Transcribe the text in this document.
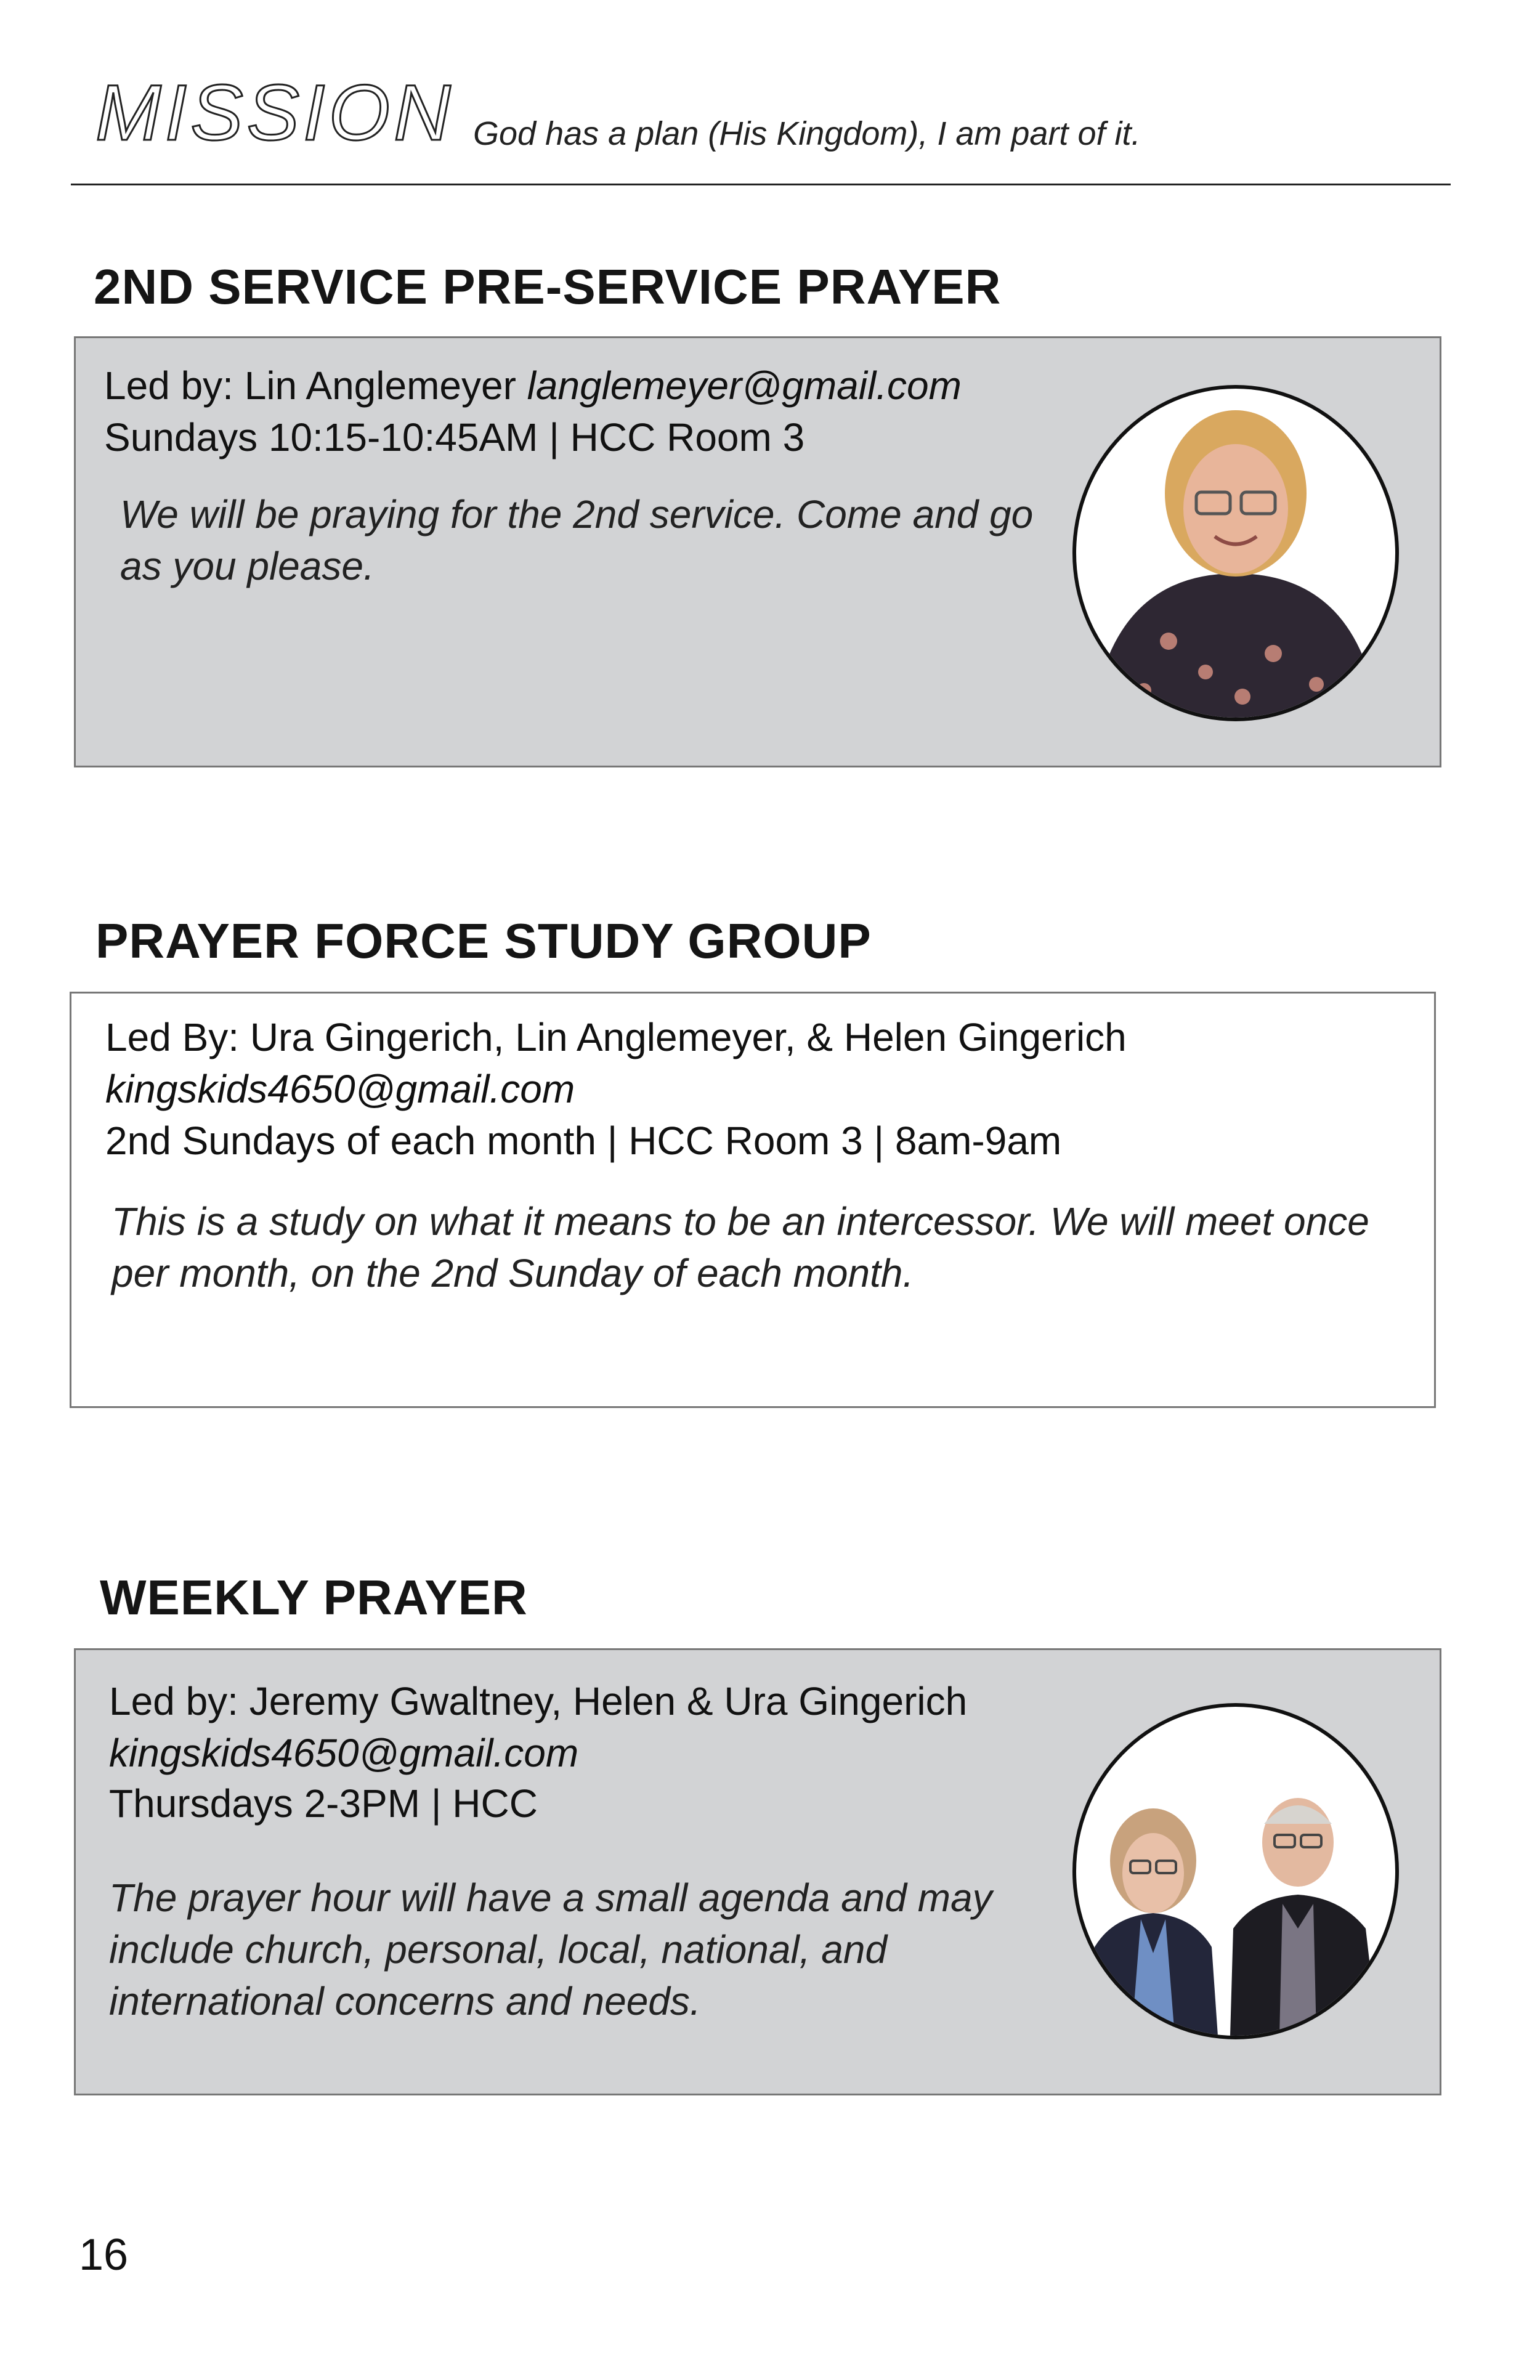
MISSION God has a plan (His Kingdom), I am part of it.
2ND SERVICE PRE-SERVICE PRAYER
Led by: Lin Anglemeyer langlemeyer@gmail.com
Sundays 10:15-10:45AM | HCC Room 3
We will be praying for the 2nd service. Come and go as you please.
PRAYER FORCE STUDY GROUP
Led By: Ura Gingerich, Lin Anglemeyer, & Helen Gingerich
kingskids4650@gmail.com
2nd Sundays of each month | HCC Room 3 | 8am-9am
This is a study on what it means to be an intercessor. We will meet once per month, on the 2nd Sunday of each month.
WEEKLY PRAYER
Led by: Jeremy Gwaltney, Helen & Ura Gingerich
kingskids4650@gmail.com
Thursdays 2-3PM | HCC
The prayer hour will have a small agenda and may include church, personal, local, national, and international concerns and needs.
16
